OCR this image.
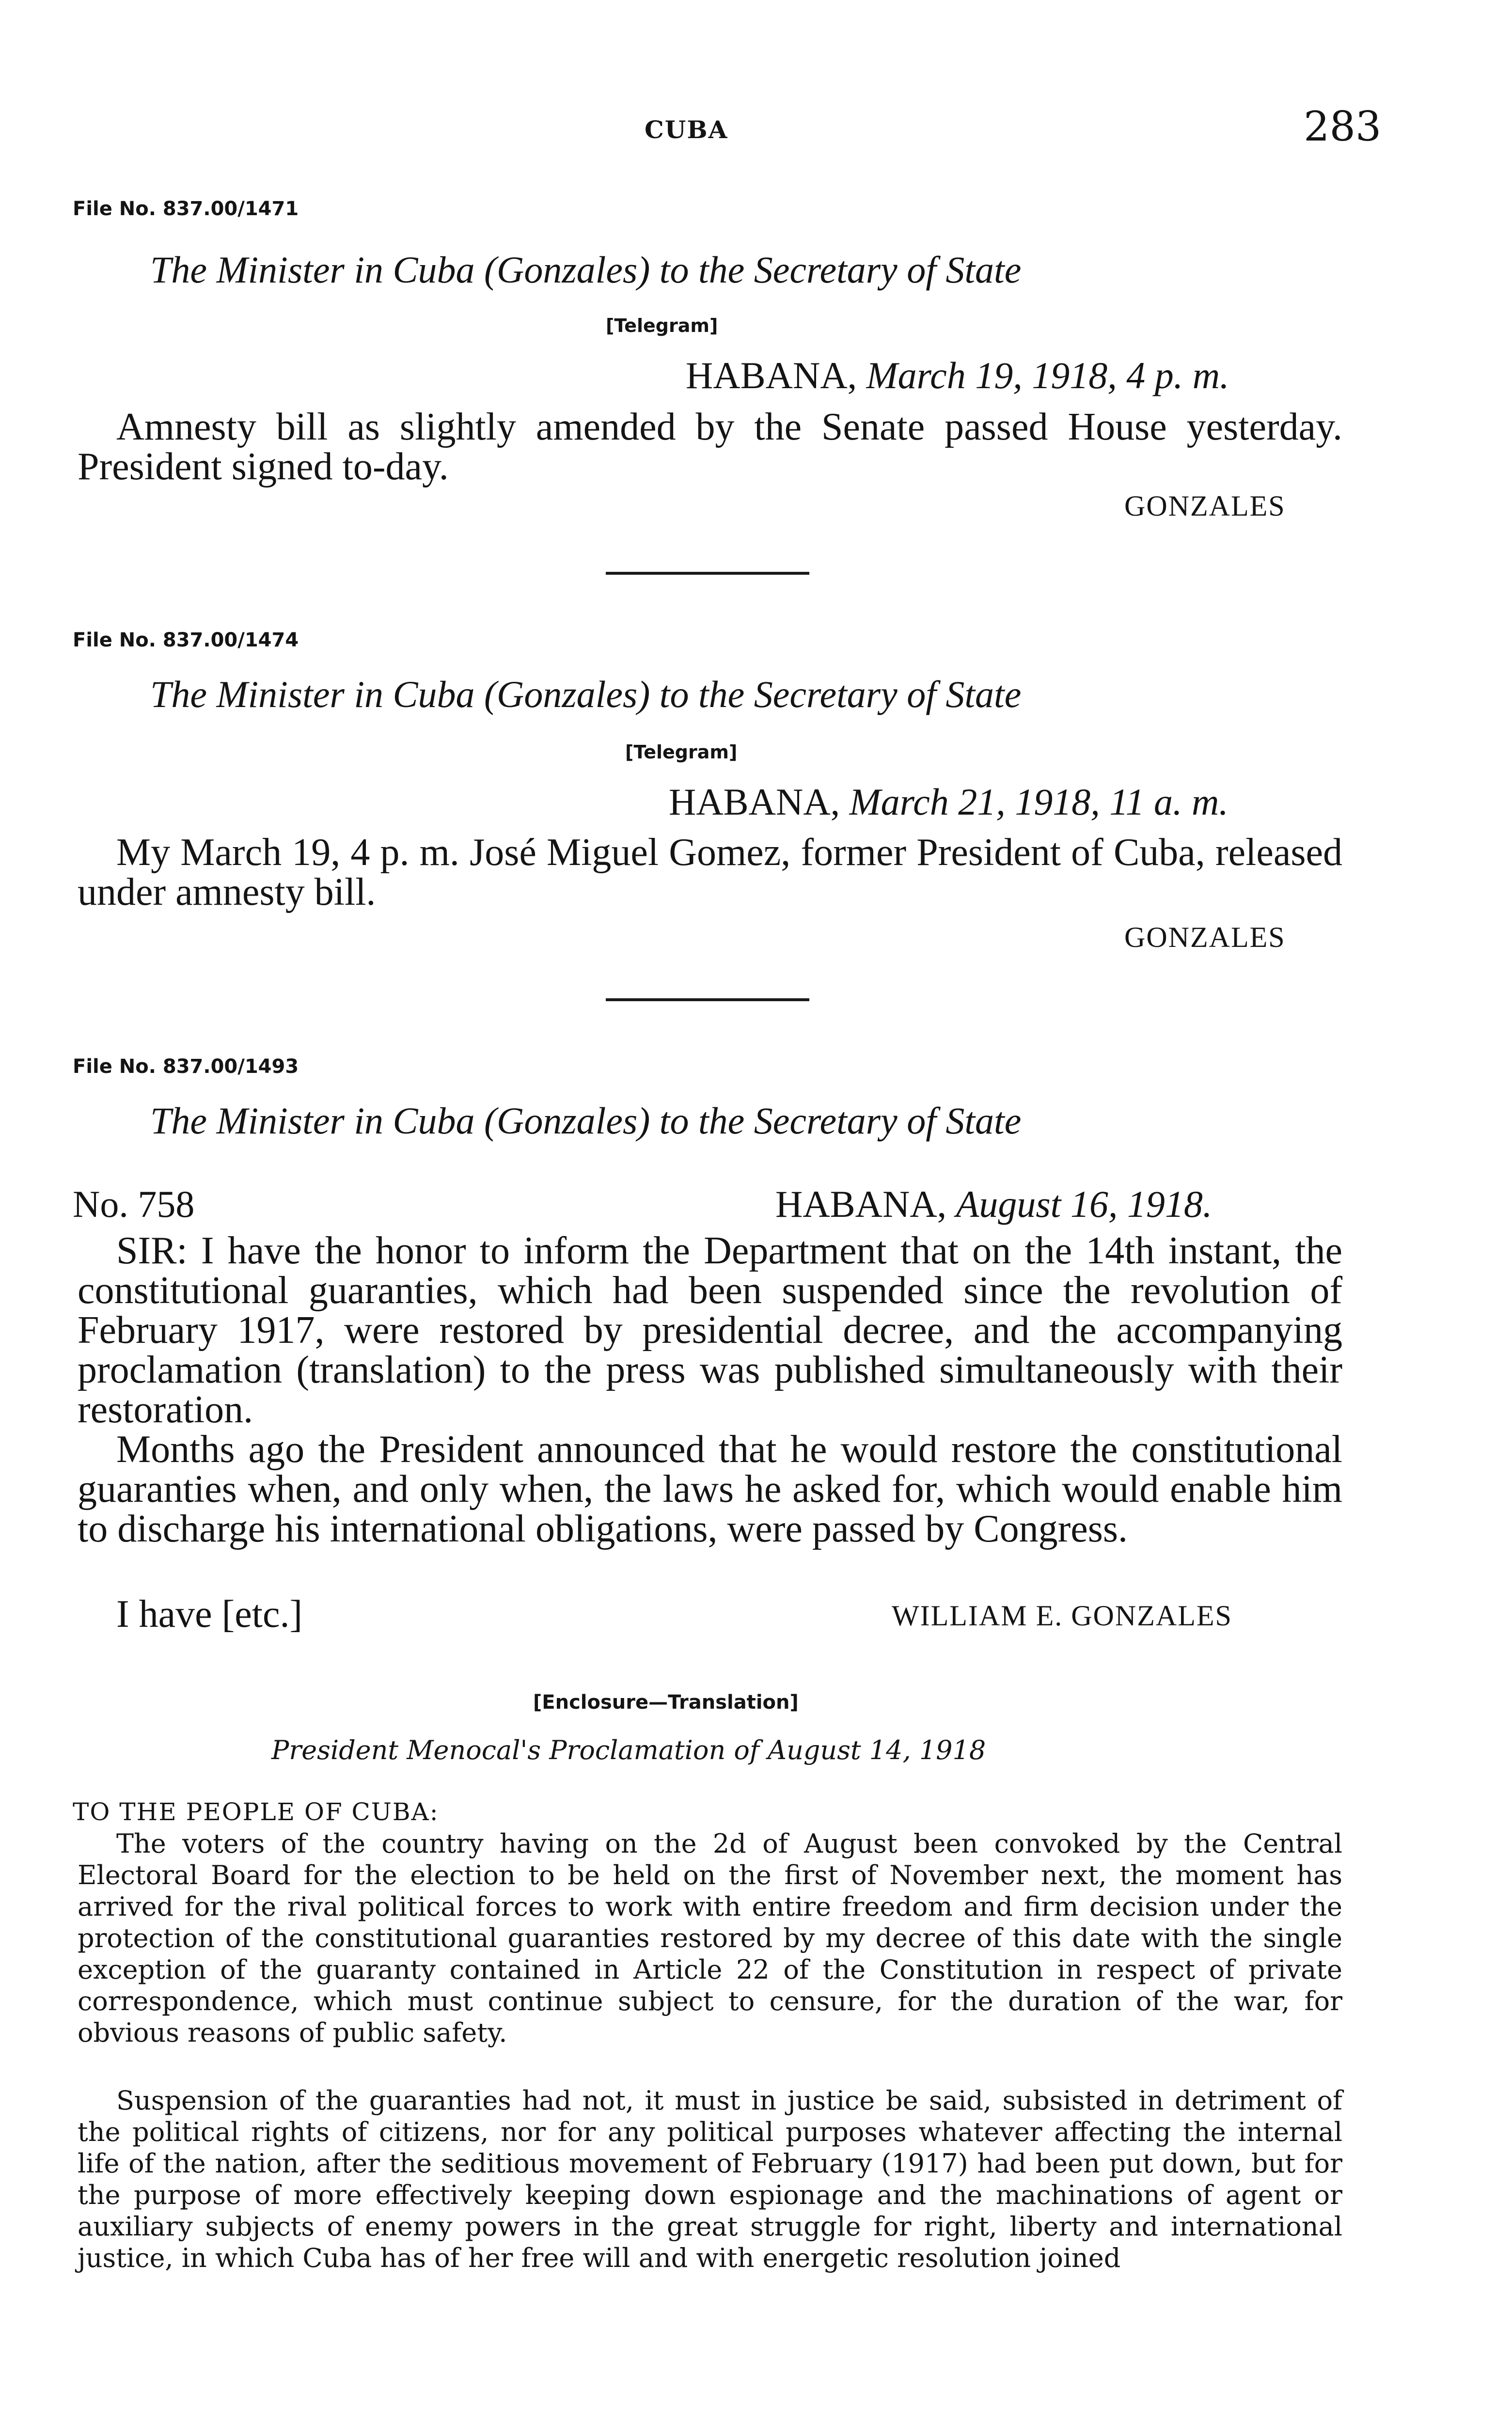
CUBA	283
File No. 837.00/1471
The Minister in Cuba (Gonzales) to the Secretary of State
[Telegram]
HABANA, March 19, 1918, 4 p. m.
Amnesty bill as slightly amended by the Senate passed House yesterday. President signed to-day.
GONZALES
File No. 837.00/1474
The Minister in Cuba (Gonzales) to the Secretary of State
[Telegram]
HABANA, March 21, 1918, 11 a. m.
My March 19, 4 p. m. José Miguel Gomez, former President of Cuba, released under amnesty bill.
GONZALES
File No. 837.00/1493
The Minister in Cuba (Gonzales) to the Secretary of State
No. 758	HABANA, August 16, 1918.
SIR: I have the honor to inform the Department that on the 14th instant, the constitutional guaranties, which had been suspended since the revolution of February 1917, were restored by presidential decree, and the accompanying proclamation (translation) to the press was published simultaneously with their restoration.
Months ago the President announced that he would restore the constitutional guaranties when, and only when, the laws he asked for, which would enable him to discharge his international obligations, were passed by Congress.
I have [etc.]	WILLIAM E. GONZALES
[Enclosure—Translation]
President Menocal's Proclamation of August 14, 1918
TO THE PEOPLE OF CUBA:
The voters of the country having on the 2d of August been convoked by the Central Electoral Board for the election to be held on the first of November next, the moment has arrived for the rival political forces to work with entire freedom and firm decision under the protection of the constitutional guaranties restored by my decree of this date with the single exception of the guaranty contained in Article 22 of the Constitution in respect of private correspondence, which must continue subject to censure, for the duration of the war, for obvious reasons of public safety.
Suspension of the guaranties had not, it must in justice be said, subsisted in detriment of the political rights of citizens, nor for any political purposes whatever affecting the internal life of the nation, after the seditious movement of February (1917) had been put down, but for the purpose of more effectively keeping down espionage and the machinations of agent or auxiliary subjects of enemy powers in the great struggle for right, liberty and international justice, in which Cuba has of her free will and with energetic resolution joined
